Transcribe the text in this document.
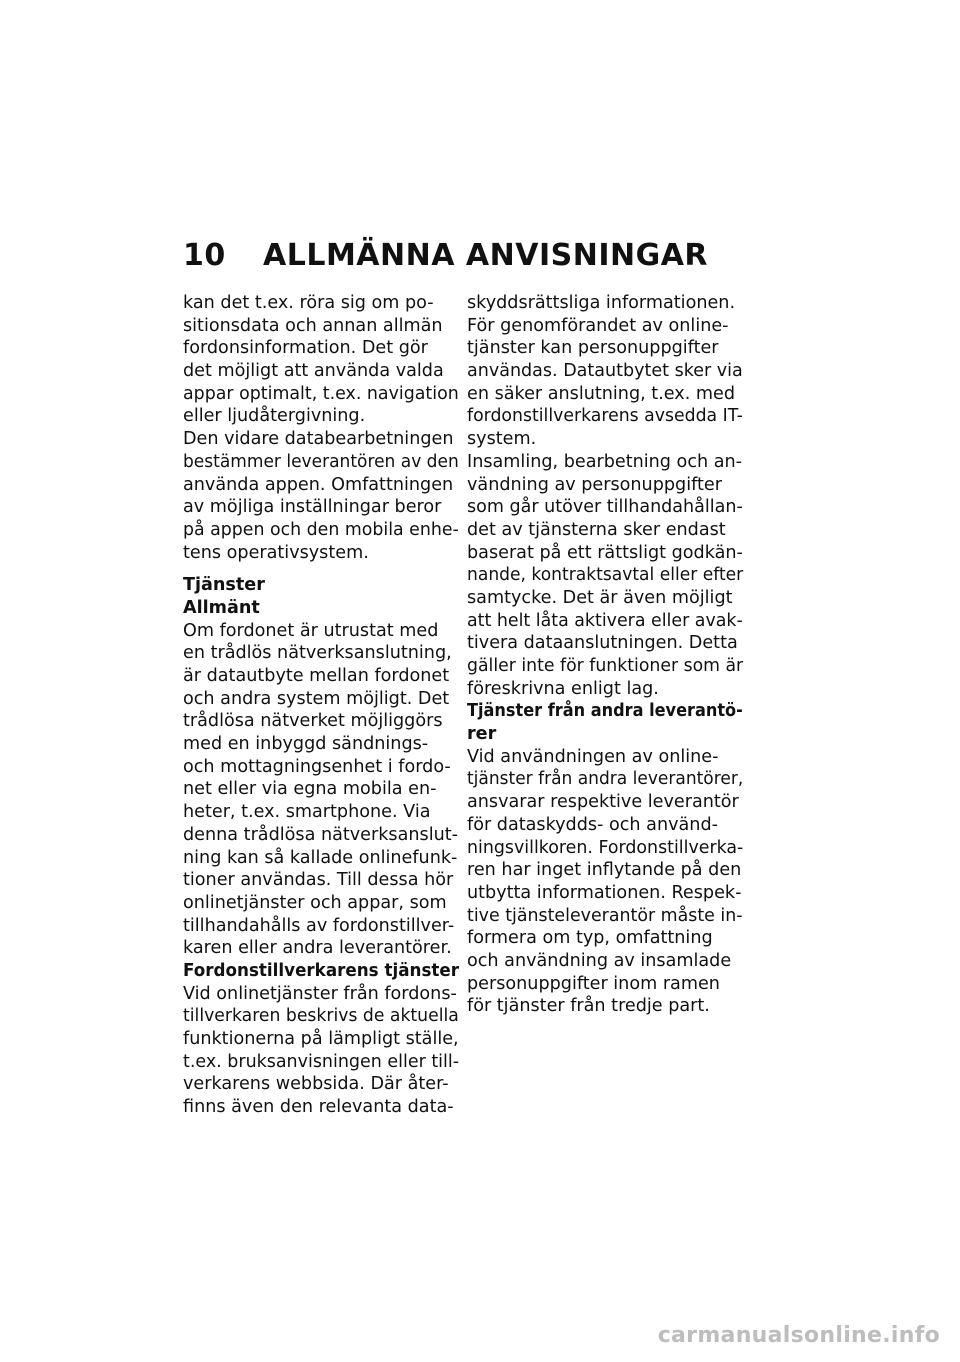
10	ALLMÄNNA ANVISNINGAR
kan det t.ex. röra sig om po-
sitionsdata och annan allmän
fordonsinformation. Det gör
det möjligt att använda valda
appar optimalt, t.ex. navigation
eller ljudåtergivning.
Den vidare databearbetningen
bestämmer leverantören av den
använda appen. Omfattningen
av möjliga inställningar beror
på appen och den mobila enhe-
tens operativsystem.
Tjänster
Allmänt
Om fordonet är utrustat med
en trådlös nätverksanslutning,
är datautbyte mellan fordonet
och andra system möjligt. Det
trådlösa nätverket möjliggörs
med en inbyggd sändnings-
och mottagningsenhet i fordo-
net eller via egna mobila en-
heter, t.ex. smartphone. Via
denna trådlösa nätverksanslut-
ning kan så kallade onlinefunk-
tioner användas. Till dessa hör
onlinetjänster och appar, som
tillhandahålls av fordonstillver-
karen eller andra leverantörer.
Fordonstillverkarens tjänster
Vid onlinetjänster från fordons-
tillverkaren beskrivs de aktuella
funktionerna på lämpligt ställe,
t.ex. bruksanvisningen eller till-
verkarens webbsida. Där åter-
finns även den relevanta data-
skyddsrättsliga informationen.
För genomförandet av online-
tjänster kan personuppgifter
användas. Datautbytet sker via
en säker anslutning, t.ex. med
fordonstillverkarens avsedda IT-
system.
Insamling, bearbetning och an-
vändning av personuppgifter
som går utöver tillhandahållan-
det av tjänsterna sker endast
baserat på ett rättsligt godkän-
nande, kontraktsavtal eller efter
samtycke. Det är även möjligt
att helt låta aktivera eller avak-
tivera dataanslutningen. Detta
gäller inte för funktioner som är
föreskrivna enligt lag.
Tjänster från andra leverantö-
rer
Vid användningen av online-
tjänster från andra leverantörer,
ansvarar respektive leverantör
för dataskydds- och använd-
ningsvillkoren. Fordonstillverka-
ren har inget inflytande på den
utbytta informationen. Respek-
tive tjänsteleverantör måste in-
formera om typ, omfattning
och användning av insamlade
personuppgifter inom ramen
för tjänster från tredje part.
carmanualsonline.info
